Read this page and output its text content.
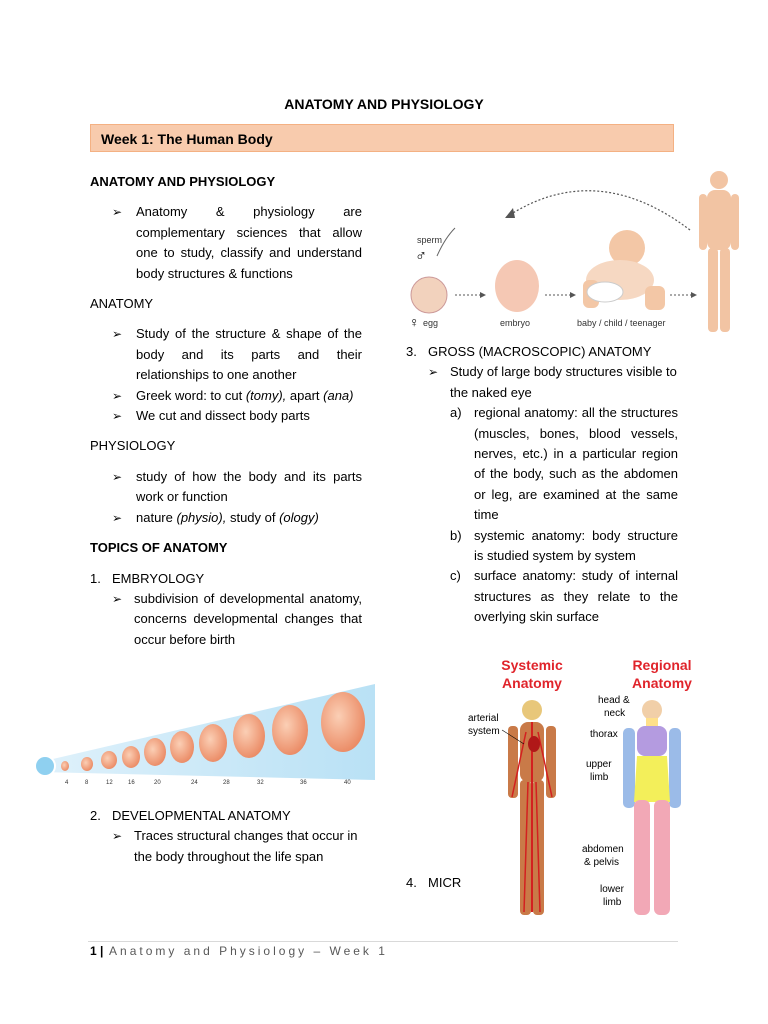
ANATOMY AND PHYSIOLOGY
Week 1: The Human Body

ANATOMY AND PHYSIOLOGY

➢	Anatomy & physiology are complementary sciences that allow one to study, classify and understand body structures & functions

ANATOMY

➢	Study of the structure & shape of the body and its parts and their relationships to one another
➢	Greek word: to cut (tomy), apart (ana)
➢	We cut and dissect body parts

PHYSIOLOGY

➢	study of how the body and its parts work or function
➢	nature (physio), study of (ology)

TOPICS OF ANATOMY

1. EMBRYOLOGY
➢ subdivision of developmental anatomy, concerns developmental changes that occur before birth
4	8	12	16	20	24	28	32	36	40
2. DEVELOPMENTAL ANATOMY
➢ Traces structural changes that occur in the body throughout the life span
sperm
♂
♀ egg	embryo	baby / child / teenager
3. GROSS (MACROSCOPIC) ANATOMY
➢ Study of large body structures visible to the naked eye
a) regional anatomy: all the structures (muscles, bones, blood vessels, nerves, etc.) in a particular region of the body, such as the abdomen or leg, are examined at the same time
b) systemic anatomy: body structure is studied system by system
c)	surface anatomy: study of internal structures as they relate to the overlying skin surface
4. MICR
Systemic
Anatomy
Regional
Anatomy
arterial
system
head &
neck
thorax
upper
limb
abdomen
& pelvis
lower
limb
1 | Anatomy and Physiology – Week 1
